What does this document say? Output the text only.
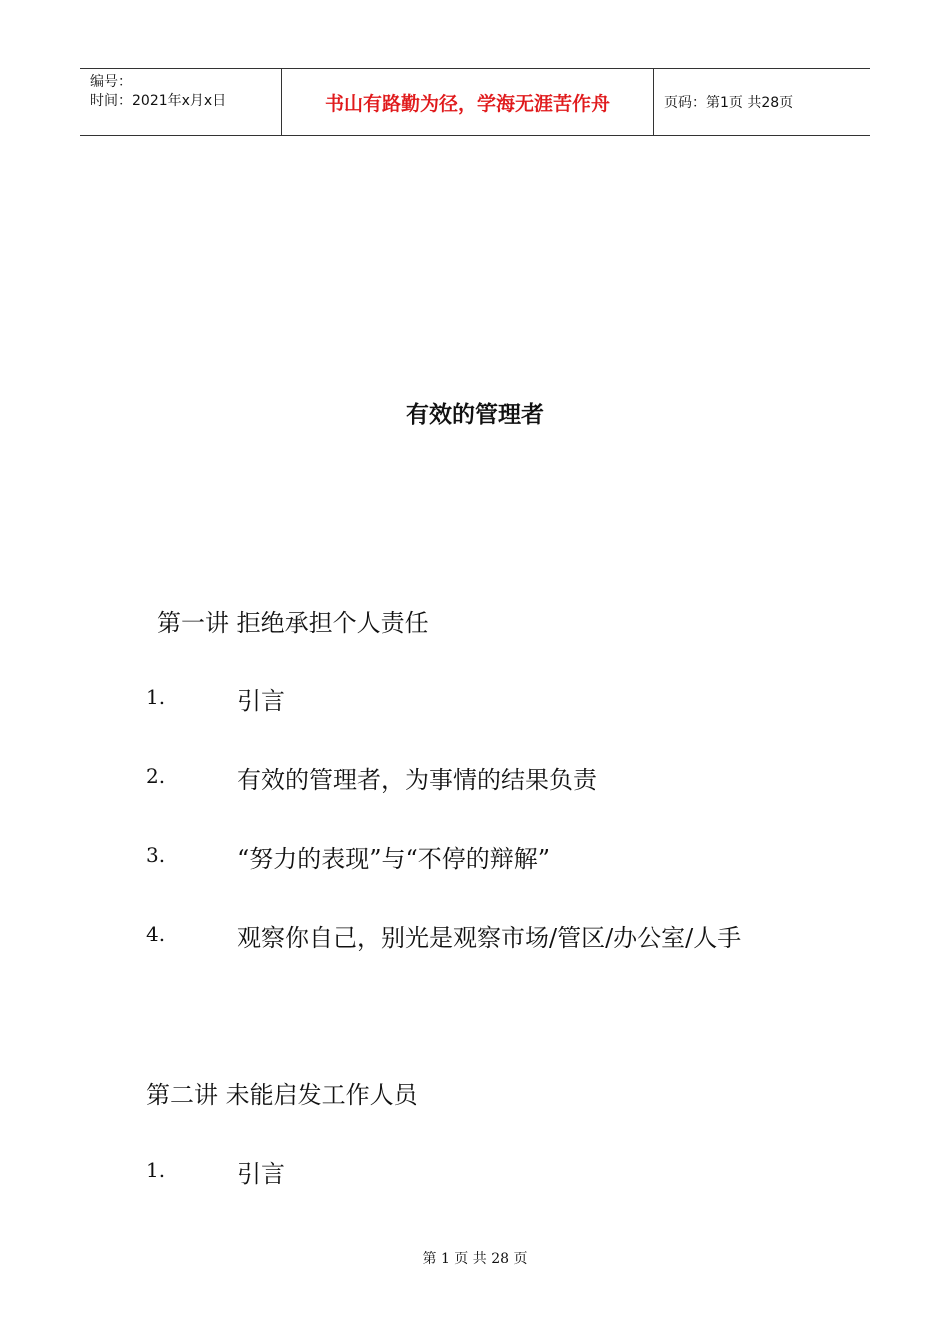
编号：
时间：2021年x月x日	书山有路勤为径，学海无涯苦作舟	页码：第1页 共28页
有效的管理者
第一讲 拒绝承担个人责任
1.	引言
2.	有效的管理者，为事情的结果负责
3.	“努力的表现”与“不停的辩解”
4.	观察你自己，别光是观察市场/管区/办公室/人手
第二讲 未能启发工作人员
1.	引言
第 1 页 共 28 页
